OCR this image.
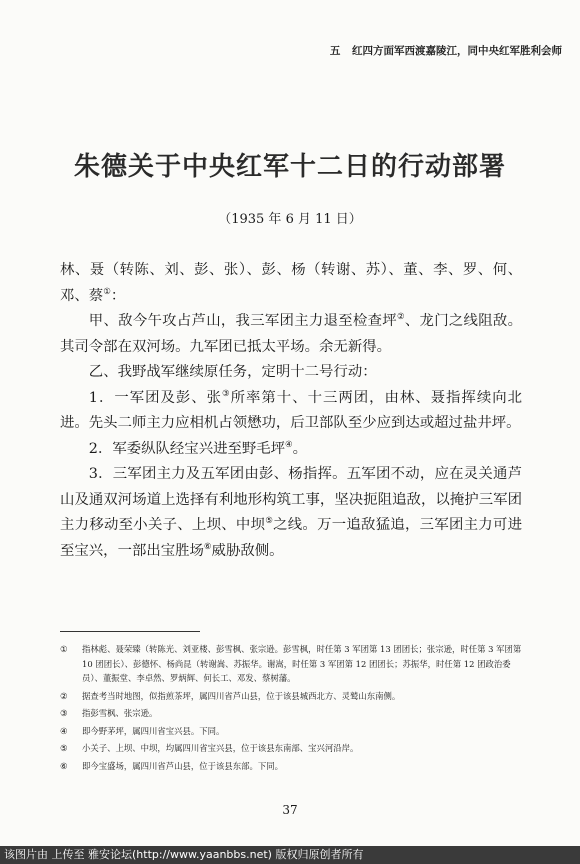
五 红四方面军西渡嘉陵江，同中央红军胜利会师
朱德关于中央红军十二日的行动部署
（1935 年 6 月 11 日）

林、聂（转陈、刘、彭、张）、彭、杨（转谢、苏）、董、李、罗、何、邓、蔡①：

甲、敌今午攻占芦山，我三军团主力退至检查坪②、龙门之线阻敌。其司令部在双河场。九军团已抵太平场。余无新得。

乙、我野战军继续原任务，定明十二号行动：

1．一军团及彭、张③所率第十、十三两团，由林、聂指挥续向北进。先头二师主力应相机占领懋功，后卫部队至少应到达或超过盐井坪。

2．军委纵队经宝兴进至野毛坪④。

3．三军团主力及五军团由彭、杨指挥。五军团不动，应在灵关通芦山及通双河场道上选择有利地形构筑工事，坚决扼阻追敌，以掩护三军团主力移动至小关子、上坝、中坝⑤之线。万一追敌猛追，三军团主力可进至宝兴，一部出宝胜场⑥威胁敌侧。

①	指林彪、聂荣臻（转陈光、刘亚楼、彭雪枫、张宗逊。彭雪枫，时任第 3 军团第 13 团团长；张宗逊，时任第 3 军团第 10 团团长）、彭德怀、杨尚昆（转谢嵩、苏振华。谢嵩，时任第 3 军团第 12 团团长；苏振华，时任第 12 团政治委员）、董振堂、李卓然、罗炳辉、何长工、邓发、蔡树藩。
②	据查考当时地图，似指煎茶坪，属四川省芦山县，位于该县城西北方、灵鹫山东南侧。
③	指彭雪枫、张宗逊。
④	即今野茅坪，属四川省宝兴县。下同。
⑤	小关子、上坝、中坝，均属四川省宝兴县，位于该县东南部、宝兴河沿岸。
⑥	即今宝盛场，属四川省芦山县，位于该县东部。下同。
37
该图片由 上传至 雅安论坛(http://www.yaanbbs.net) 版权归原创者所有
